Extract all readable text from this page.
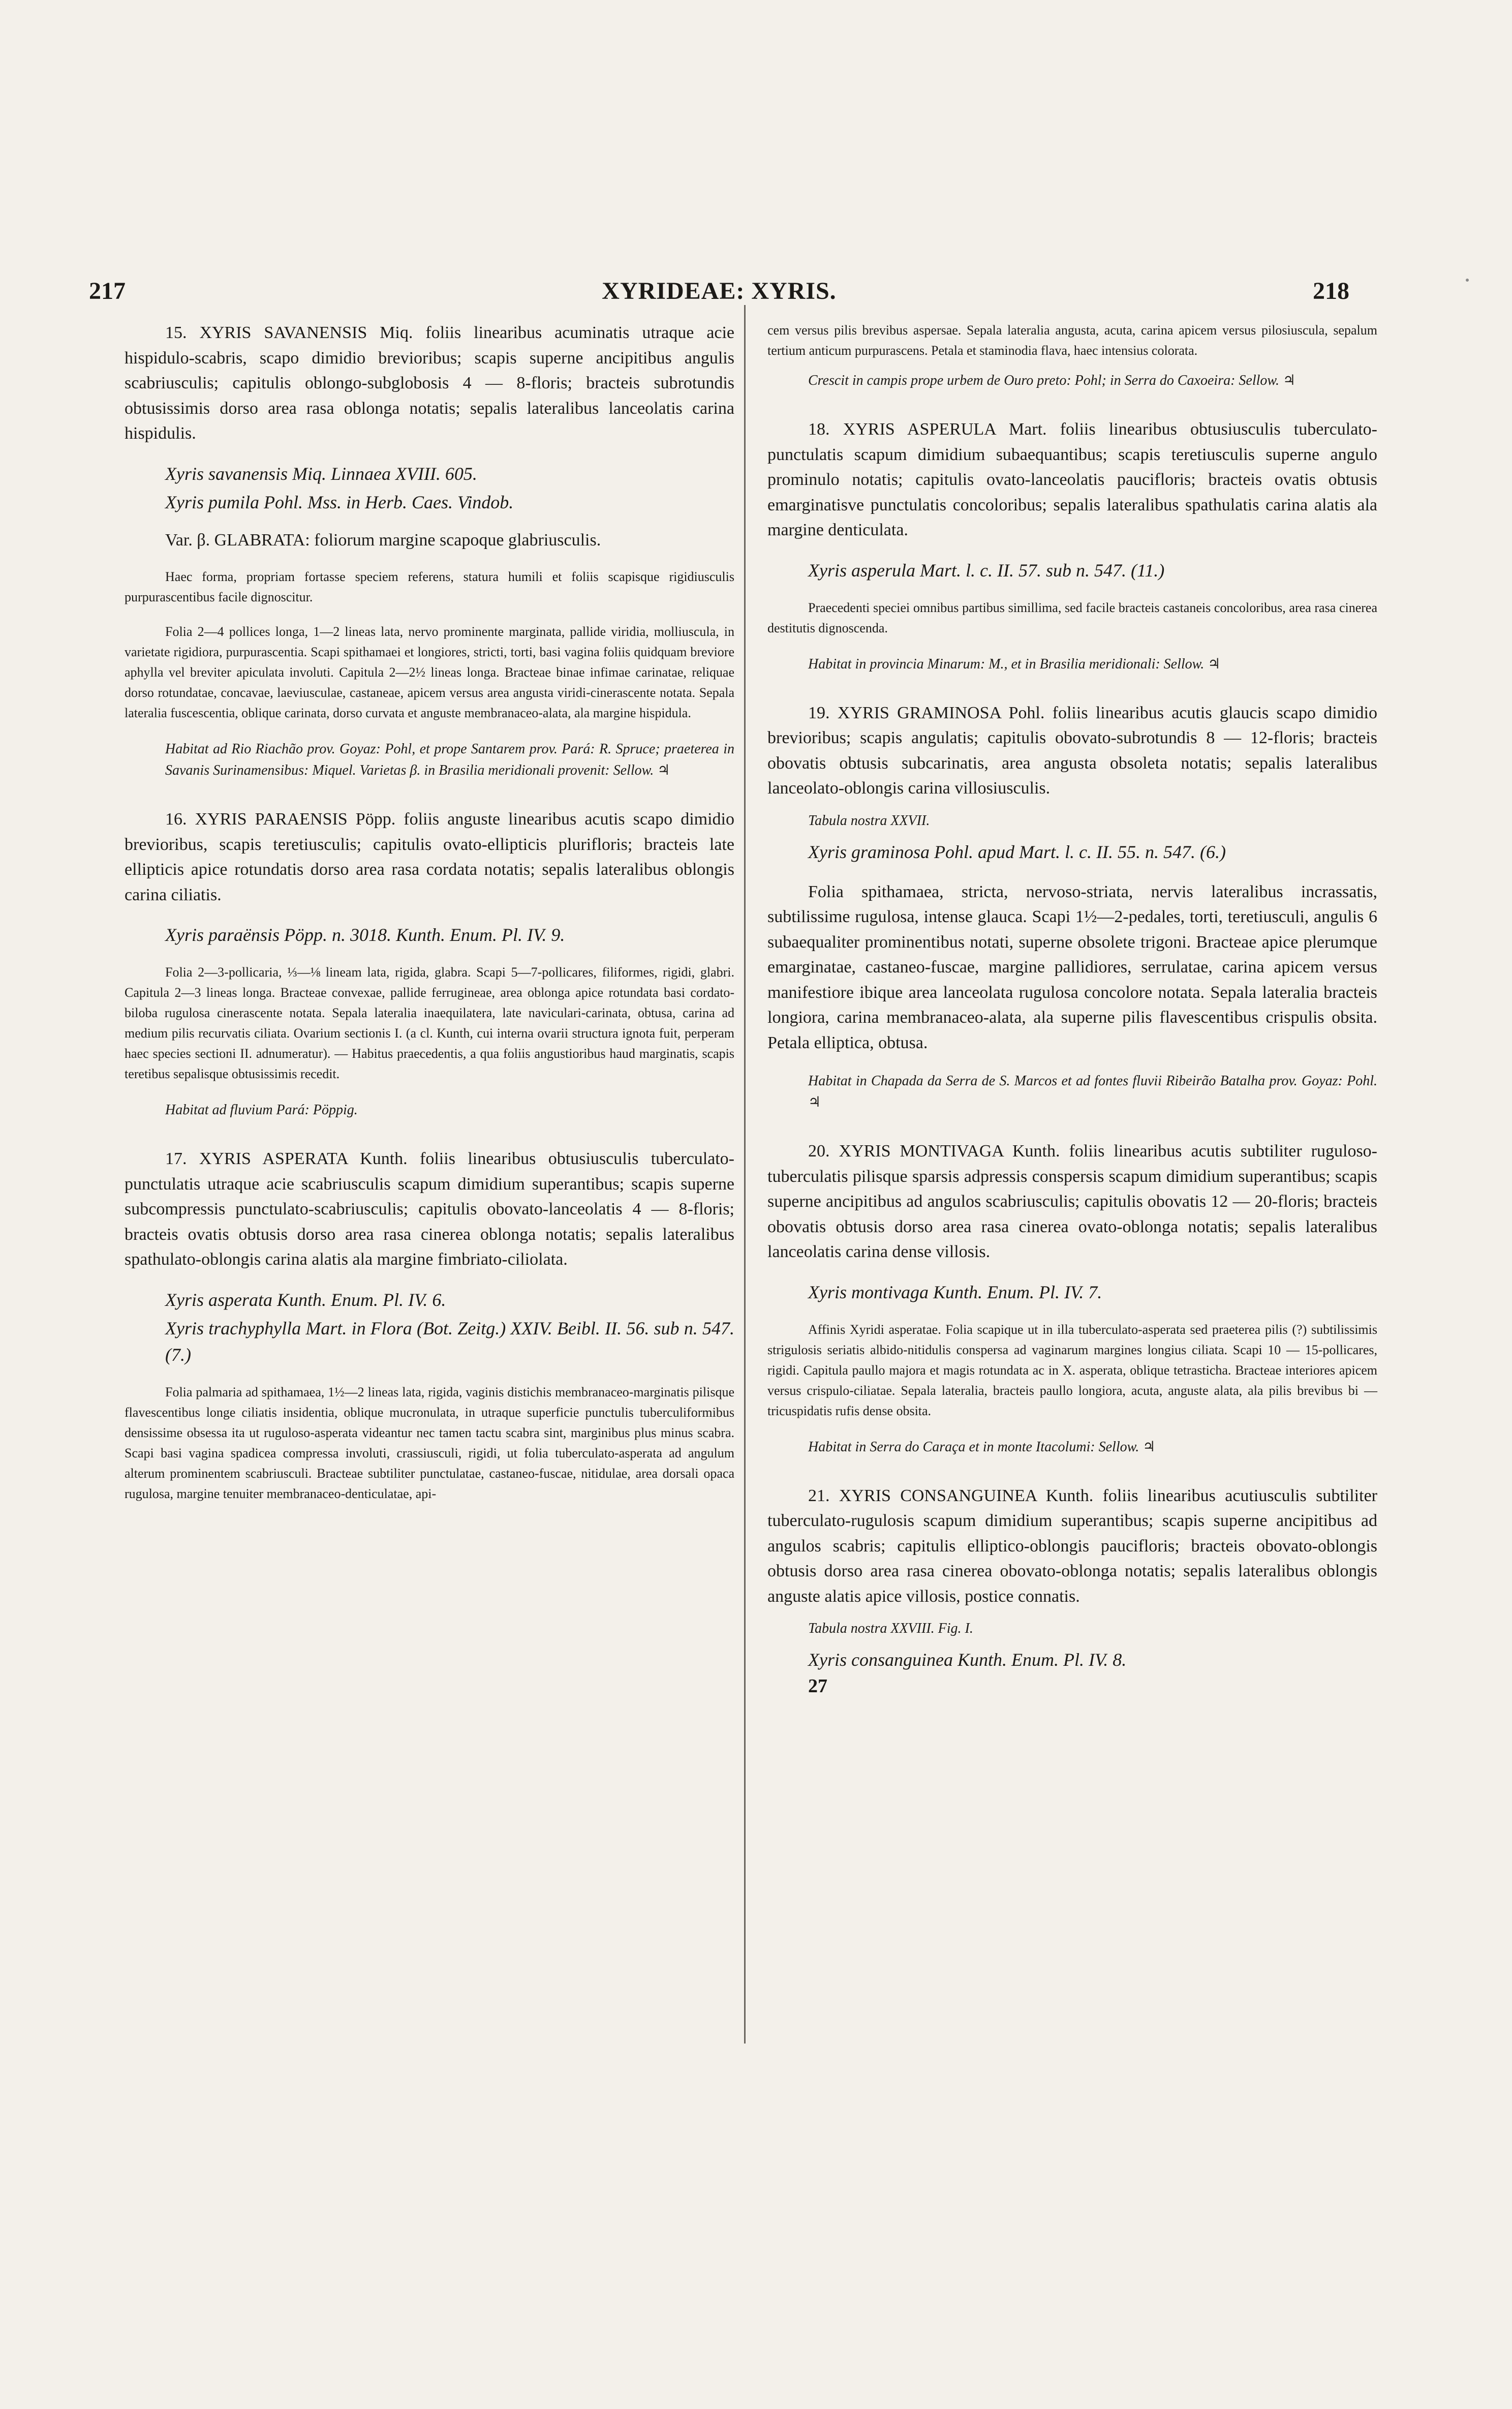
217	XYRIDEAE: XYRIS.	218

15. XYRIS SAVANENSIS Miq. foliis linearibus acuminatis utraque acie hispidulo-scabris, scapo dimidio brevioribus; scapis superne ancipitibus angulis scabriusculis; capitulis oblongo-subglobosis 4 — 8-floris; bracteis subrotundis obtusissimis dorso area rasa oblonga notatis; sepalis lateralibus lanceolatis carina hispidulis.

Xyris savanensis Miq. Linnaea XVIII. 605.

Xyris pumila Pohl. Mss. in Herb. Caes. Vindob.

Var. β. GLABRATA: foliorum margine scapoque glabriusculis.

Haec forma, propriam fortasse speciem referens, statura humili et foliis scapisque rigidiusculis purpurascentibus facile dignoscitur.

Folia 2—4 pollices longa, 1—2 lineas lata, nervo prominente marginata, pallide viridia, molliuscula, in varietate rigidiora, purpurascentia. Scapi spithamaei et longiores, stricti, torti, basi vagina foliis quidquam breviore aphylla vel breviter apiculata involuti. Capitula 2—2½ lineas longa. Bracteae binae infimae carinatae, reliquae dorso rotundatae, concavae, laeviusculae, castaneae, apicem versus area angusta viridi-cinerascente notata. Sepala lateralia fuscescentia, oblique carinata, dorso curvata et anguste membranaceo-alata, ala margine hispidula.

Habitat ad Rio Riachão prov. Goyaz: Pohl, et prope Santarem prov. Pará: R. Spruce; praeterea in Savanis Surinamensibus: Miquel. Varietas β. in Brasilia meridionali provenit: Sellow. ♃

16. XYRIS PARAENSIS Pöpp. foliis anguste linearibus acutis scapo dimidio brevioribus, scapis teretiusculis; capitulis ovato-ellipticis plurifloris; bracteis late ellipticis apice rotundatis dorso area rasa cordata notatis; sepalis lateralibus oblongis carina ciliatis.

Xyris paraënsis Pöpp. n. 3018. Kunth. Enum. Pl. IV. 9.

Folia 2—3-pollicaria, ⅓—⅛ lineam lata, rigida, glabra. Scapi 5—7-pollicares, filiformes, rigidi, glabri. Capitula 2—3 lineas longa. Bracteae convexae, pallide ferrugineae, area oblonga apice rotundata basi cordato-biloba rugulosa cinerascente notata. Sepala lateralia inaequilatera, late naviculari-carinata, obtusa, carina ad medium pilis recurvatis ciliata. Ovarium sectionis I. (a cl. Kunth, cui interna ovarii structura ignota fuit, perperam haec species sectioni II. adnumeratur). — Habitus praecedentis, a qua foliis angustioribus haud marginatis, scapis teretibus sepalisque obtusissimis recedit.

Habitat ad fluvium Pará: Pöppig.

17. XYRIS ASPERATA Kunth. foliis linearibus obtusiusculis tuberculato-punctulatis utraque acie scabriusculis scapum dimidium superantibus; scapis superne subcompressis punctulato-scabriusculis; capitulis obovato-lanceolatis 4 — 8-floris; bracteis ovatis obtusis dorso area rasa cinerea oblonga notatis; sepalis lateralibus spathulato-oblongis carina alatis ala margine fimbriato-ciliolata.

Xyris asperata Kunth. Enum. Pl. IV. 6.

Xyris trachyphylla Mart. in Flora (Bot. Zeitg.) XXIV. Beibl. II. 56. sub n. 547. (7.)

Folia palmaria ad spithamaea, 1½—2 lineas lata, rigida, vaginis distichis membranaceo-marginatis pilisque flavescentibus longe ciliatis insidentia, oblique mucronulata, in utraque superficie punctulis tuberculiformibus densissime obsessa ita ut ruguloso-asperata videantur nec tamen tactu scabra sint, marginibus plus minus scabra. Scapi basi vagina spadicea compressa involuti, crassiusculi, rigidi, ut folia tuberculato-asperata ad angulum alterum prominentem scabriusculi. Bracteae subtiliter punctulatae, castaneo-fuscae, nitidulae, area dorsali opaca rugulosa, margine tenuiter membranaceo-denticulatae, api-

cem versus pilis brevibus aspersae. Sepala lateralia angusta, acuta, carina apicem versus pilosiuscula, sepalum tertium anticum purpurascens. Petala et staminodia flava, haec intensius colorata.

Crescit in campis prope urbem de Ouro preto: Pohl; in Serra do Caxoeira: Sellow. ♃

18. XYRIS ASPERULA Mart. foliis linearibus obtusiusculis tuberculato-punctulatis scapum dimidium subaequantibus; scapis teretiusculis superne angulo prominulo notatis; capitulis ovato-lanceolatis paucifloris; bracteis ovatis obtusis emarginatisve punctulatis concoloribus; sepalis lateralibus spathulatis carina alatis ala margine denticulata.

Xyris asperula Mart. l. c. II. 57. sub n. 547. (11.)

Praecedenti speciei omnibus partibus simillima, sed facile bracteis castaneis concoloribus, area rasa cinerea destitutis dignoscenda.

Habitat in provincia Minarum: M., et in Brasilia meridionali: Sellow. ♃

19. XYRIS GRAMINOSA Pohl. foliis linearibus acutis glaucis scapo dimidio brevioribus; scapis angulatis; capitulis obovato-subrotundis 8 — 12-floris; bracteis obovatis obtusis subcarinatis, area angusta obsoleta notatis; sepalis lateralibus lanceolato-oblongis carina villosiusculis.

Tabula nostra XXVII.

Xyris graminosa Pohl. apud Mart. l. c. II. 55. n. 547. (6.)

Folia spithamaea, stricta, nervoso-striata, nervis lateralibus incrassatis, subtilissime rugulosa, intense glauca. Scapi 1½—2-pedales, torti, teretiusculi, angulis 6 subaequaliter prominentibus notati, superne obsolete trigoni. Bracteae apice plerumque emarginatae, castaneo-fuscae, margine pallidiores, serrulatae, carina apicem versus manifestiore ibique area lanceolata rugulosa concolore notata. Sepala lateralia bracteis longiora, carina membranaceo-alata, ala superne pilis flavescentibus crispulis obsita. Petala elliptica, obtusa.

Habitat in Chapada da Serra de S. Marcos et ad fontes fluvii Ribeirão Batalha prov. Goyaz: Pohl. ♃

20. XYRIS MONTIVAGA Kunth. foliis linearibus acutis subtiliter ruguloso-tuberculatis pilisque sparsis adpressis conspersis scapum dimidium superantibus; scapis superne ancipitibus ad angulos scabriusculis; capitulis obovatis 12 — 20-floris; bracteis obovatis obtusis dorso area rasa cinerea ovato-oblonga notatis; sepalis lateralibus lanceolatis carina dense villosis.

Xyris montivaga Kunth. Enum. Pl. IV. 7.

Affinis Xyridi asperatae. Folia scapique ut in illa tuberculato-asperata sed praeterea pilis (?) subtilissimis strigulosis seriatis albido-nitidulis conspersa ad vaginarum margines longius ciliata. Scapi 10 — 15-pollicares, rigidi. Capitula paullo majora et magis rotundata ac in X. asperata, oblique tetrasticha. Bracteae interiores apicem versus crispulo-ciliatae. Sepala lateralia, bracteis paullo longiora, acuta, anguste alata, ala pilis brevibus bi — tricuspidatis rufis dense obsita.

Habitat in Serra do Caraça et in monte Itacolumi: Sellow. ♃

21. XYRIS CONSANGUINEA Kunth. foliis linearibus acutiusculis subtiliter tuberculato-rugulosis scapum dimidium superantibus; scapis superne ancipitibus ad angulos scabris; capitulis elliptico-oblongis paucifloris; bracteis obovato-oblongis obtusis dorso area rasa cinerea obovato-oblonga notatis; sepalis lateralibus oblongis anguste alatis apice villosis, postice connatis.

Tabula nostra XXVIII. Fig. I.

Xyris consanguinea Kunth. Enum. Pl. IV. 8.

27
